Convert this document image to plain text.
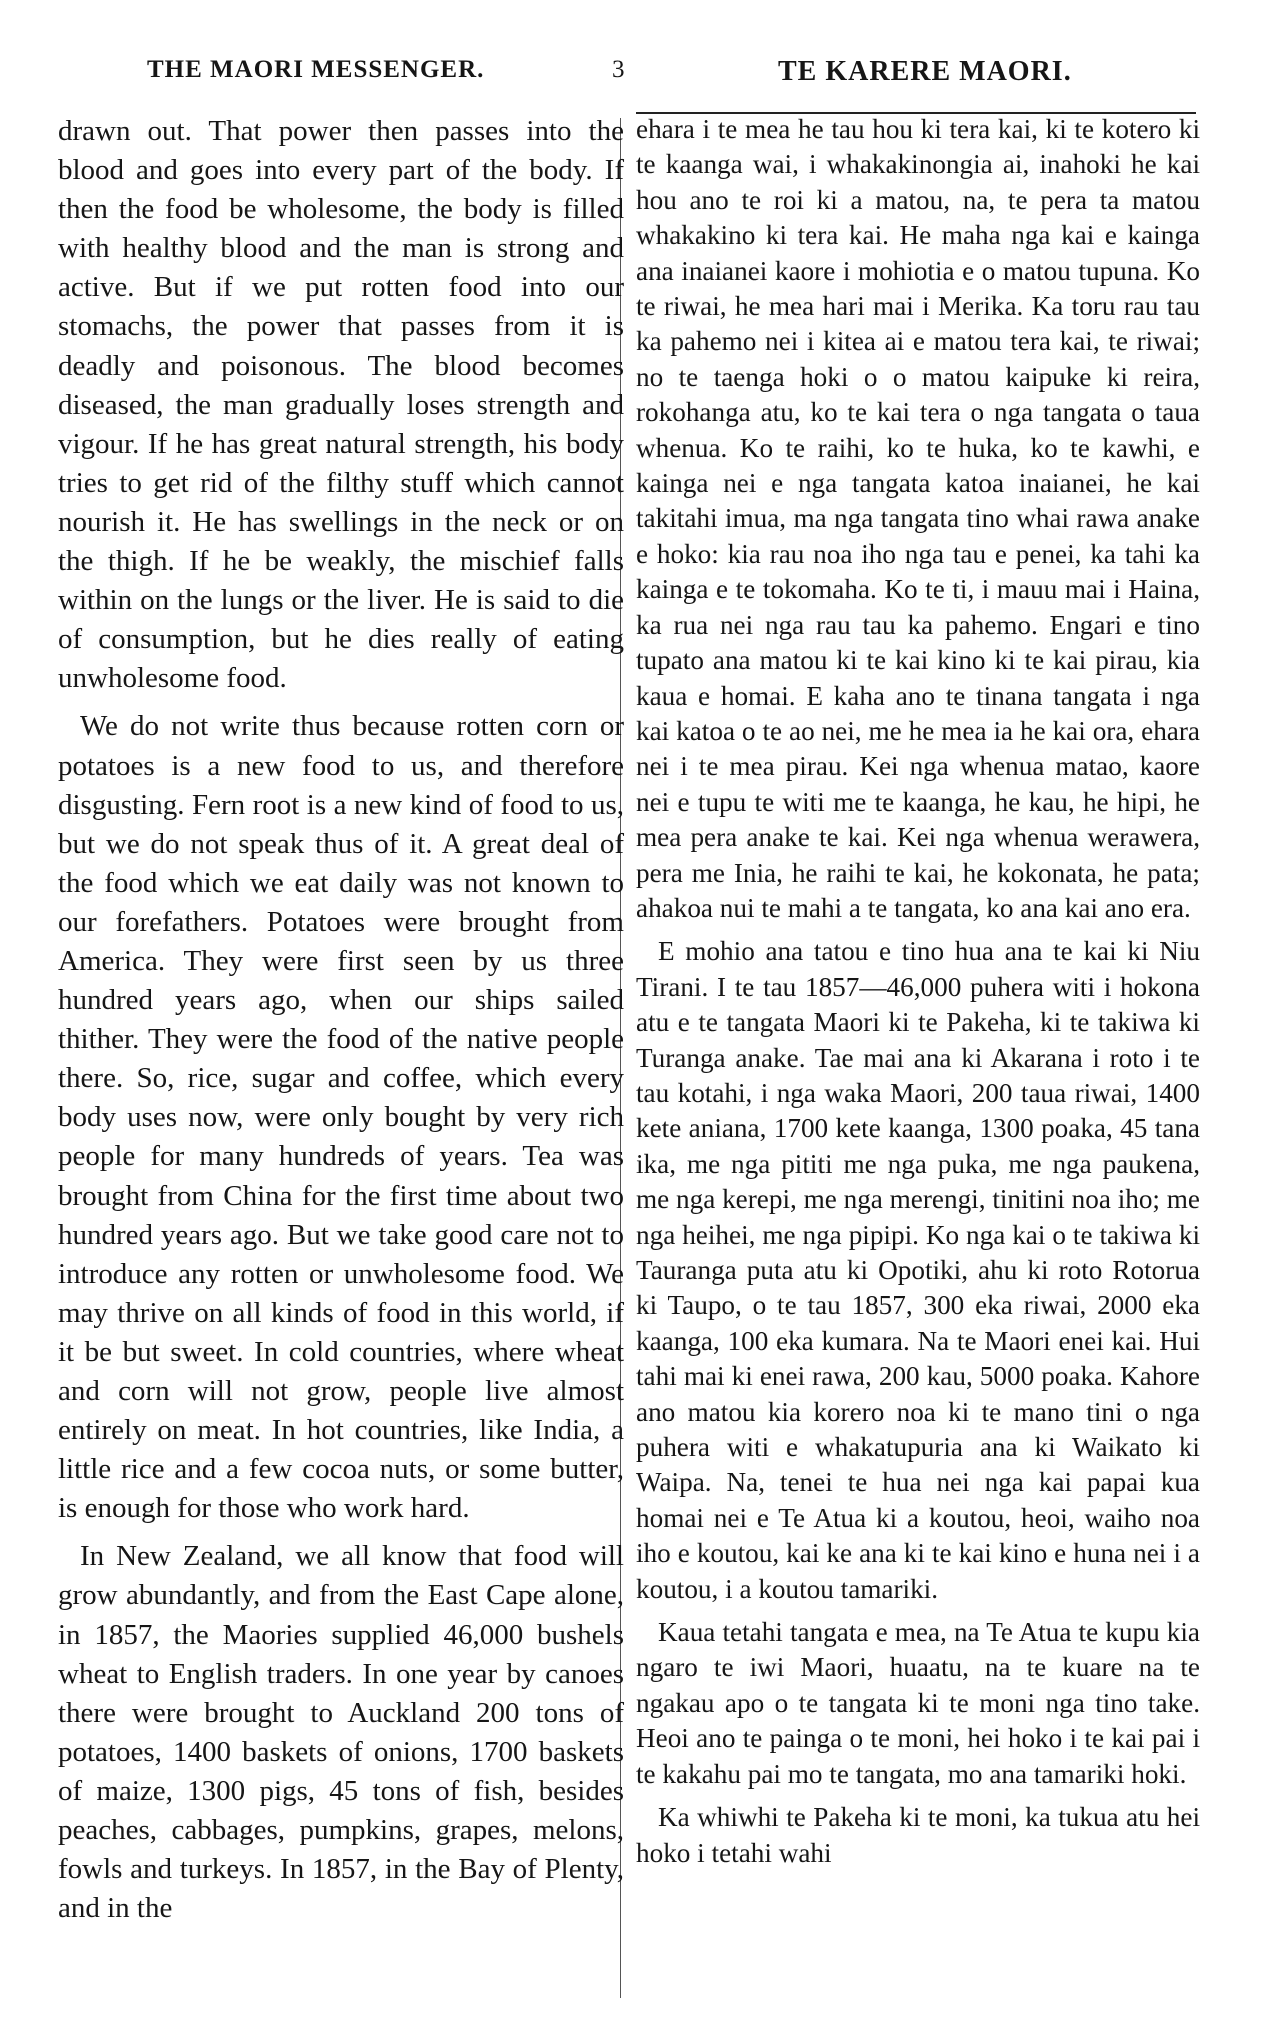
THE MAORI MESSENGER.	3	TE KARERE MAORI.

drawn out. That power then passes into the blood and goes into every part of the body. If then the food be wholesome, the body is filled with healthy blood and the man is strong and active. But if we put rotten food into our stomachs, the power that passes from it is deadly and poisonous. The blood becomes diseased, the man gradually loses strength and vigour. If he has great natural strength, his body tries to get rid of the filthy stuff which cannot nourish it. He has swellings in the neck or on the thigh. If he be weakly, the mischief falls within on the lungs or the liver. He is said to die of consumption, but he dies really of eating unwholesome food.

We do not write thus because rotten corn or potatoes is a new food to us, and therefore disgusting. Fern root is a new kind of food to us, but we do not speak thus of it. A great deal of the food which we eat daily was not known to our forefathers. Potatoes were brought from America. They were first seen by us three hundred years ago, when our ships sailed thither. They were the food of the native people there. So, rice, sugar and coffee, which every body uses now, were only bought by very rich people for many hundreds of years. Tea was brought from China for the first time about two hundred years ago. But we take good care not to introduce any rotten or unwholesome food. We may thrive on all kinds of food in this world, if it be but sweet. In cold countries, where wheat and corn will not grow, people live almost entirely on meat. In hot countries, like India, a little rice and a few cocoa nuts, or some butter, is enough for those who work hard.

In New Zealand, we all know that food will grow abundantly, and from the East Cape alone, in 1857, the Maories supplied 46,000 bushels wheat to English traders. In one year by canoes there were brought to Auckland 200 tons of potatoes, 1400 baskets of onions, 1700 baskets of maize, 1300 pigs, 45 tons of fish, besides peaches, cabbages, pumpkins, grapes, melons, fowls and turkeys. In 1857, in the Bay of Plenty, and in the

ehara i te mea he tau hou ki tera kai, ki te kotero ki te kaanga wai, i whakakinongia ai, inahoki he kai hou ano te roi ki a matou, na, te pera ta matou whakakino ki tera kai. He maha nga kai e kainga ana inaianei kaore i mohiotia e o matou tupuna. Ko te riwai, he mea hari mai i Merika. Ka toru rau tau ka pahemo nei i kitea ai e matou tera kai, te riwai; no te taenga hoki o o matou kaipuke ki reira, rokohanga atu, ko te kai tera o nga tangata o taua whenua. Ko te raihi, ko te huka, ko te kawhi, e kainga nei e nga tangata katoa inaianei, he kai takitahi imua, ma nga tangata tino whai rawa anake e hoko: kia rau noa iho nga tau e penei, ka tahi ka kainga e te tokomaha. Ko te ti, i mauu mai i Haina, ka rua nei nga rau tau ka pahemo. Engari e tino tupato ana matou ki te kai kino ki te kai pirau, kia kaua e homai. E kaha ano te tinana tangata i nga kai katoa o te ao nei, me he mea ia he kai ora, ehara nei i te mea pirau. Kei nga whenua matao, kaore nei e tupu te witi me te kaanga, he kau, he hipi, he mea pera anake te kai. Kei nga whenua werawera, pera me Inia, he raihi te kai, he kokonata, he pata; ahakoa nui te mahi a te tangata, ko ana kai ano era.

E mohio ana tatou e tino hua ana te kai ki Niu Tirani. I te tau 1857—46,000 puhera witi i hokona atu e te tangata Maori ki te Pakeha, ki te takiwa ki Turanga anake. Tae mai ana ki Akarana i roto i te tau kotahi, i nga waka Maori, 200 taua riwai, 1400 kete aniana, 1700 kete kaanga, 1300 poaka, 45 tana ika, me nga pititi me nga puka, me nga paukena, me nga kerepi, me nga merengi, tinitini noa iho; me nga heihei, me nga pipipi. Ko nga kai o te takiwa ki Tauranga puta atu ki Opotiki, ahu ki roto Rotorua ki Taupo, o te tau 1857, 300 eka riwai, 2000 eka kaanga, 100 eka kumara. Na te Maori enei kai. Hui tahi mai ki enei rawa, 200 kau, 5000 poaka. Kahore ano matou kia korero noa ki te mano tini o nga puhera witi e whakatupuria ana ki Waikato ki Waipa. Na, tenei te hua nei nga kai papai kua homai nei e Te Atua ki a koutou, heoi, waiho noa iho e koutou, kai ke ana ki te kai kino e huna nei i a koutou, i a koutou tamariki.

Kaua tetahi tangata e mea, na Te Atua te kupu kia ngaro te iwi Maori, huaatu, na te kuare na te ngakau apo o te tangata ki te moni nga tino take. Heoi ano te painga o te moni, hei hoko i te kai pai i te kakahu pai mo te tangata, mo ana tamariki hoki.

Ka whiwhi te Pakeha ki te moni, ka tukua atu hei hoko i tetahi wahi
